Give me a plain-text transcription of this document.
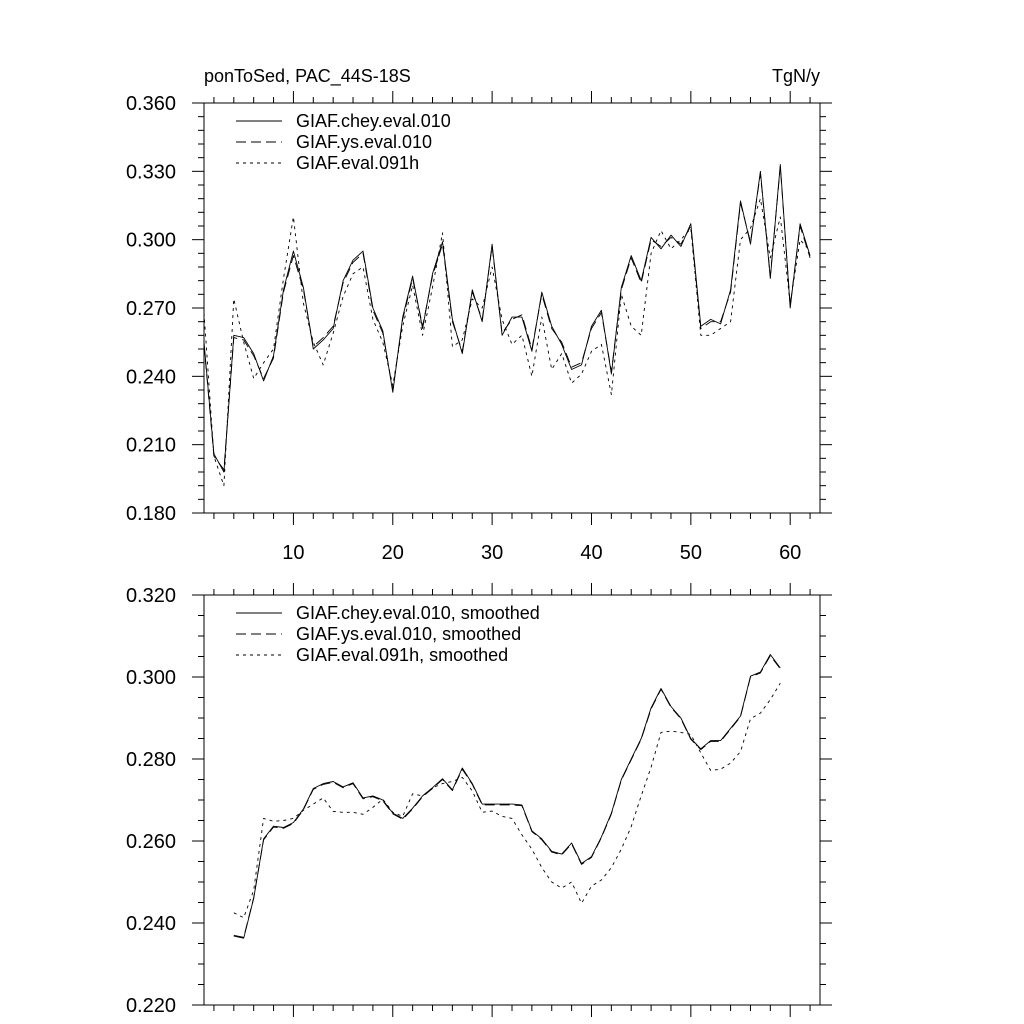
ponToSed, PAC_44S-18S	TgN/y
0.180
0.210
0.240
0.270
0.300
0.330
0.360
10	20	30	40	50	60
GIAF.chey.eval.010
GIAF.ys.eval.010
GIAF.eval.091h
0.220
0.240
0.260
0.280
0.300
0.320
GIAF.chey.eval.010, smoothed
GIAF.ys.eval.010, smoothed
GIAF.eval.091h, smoothed
